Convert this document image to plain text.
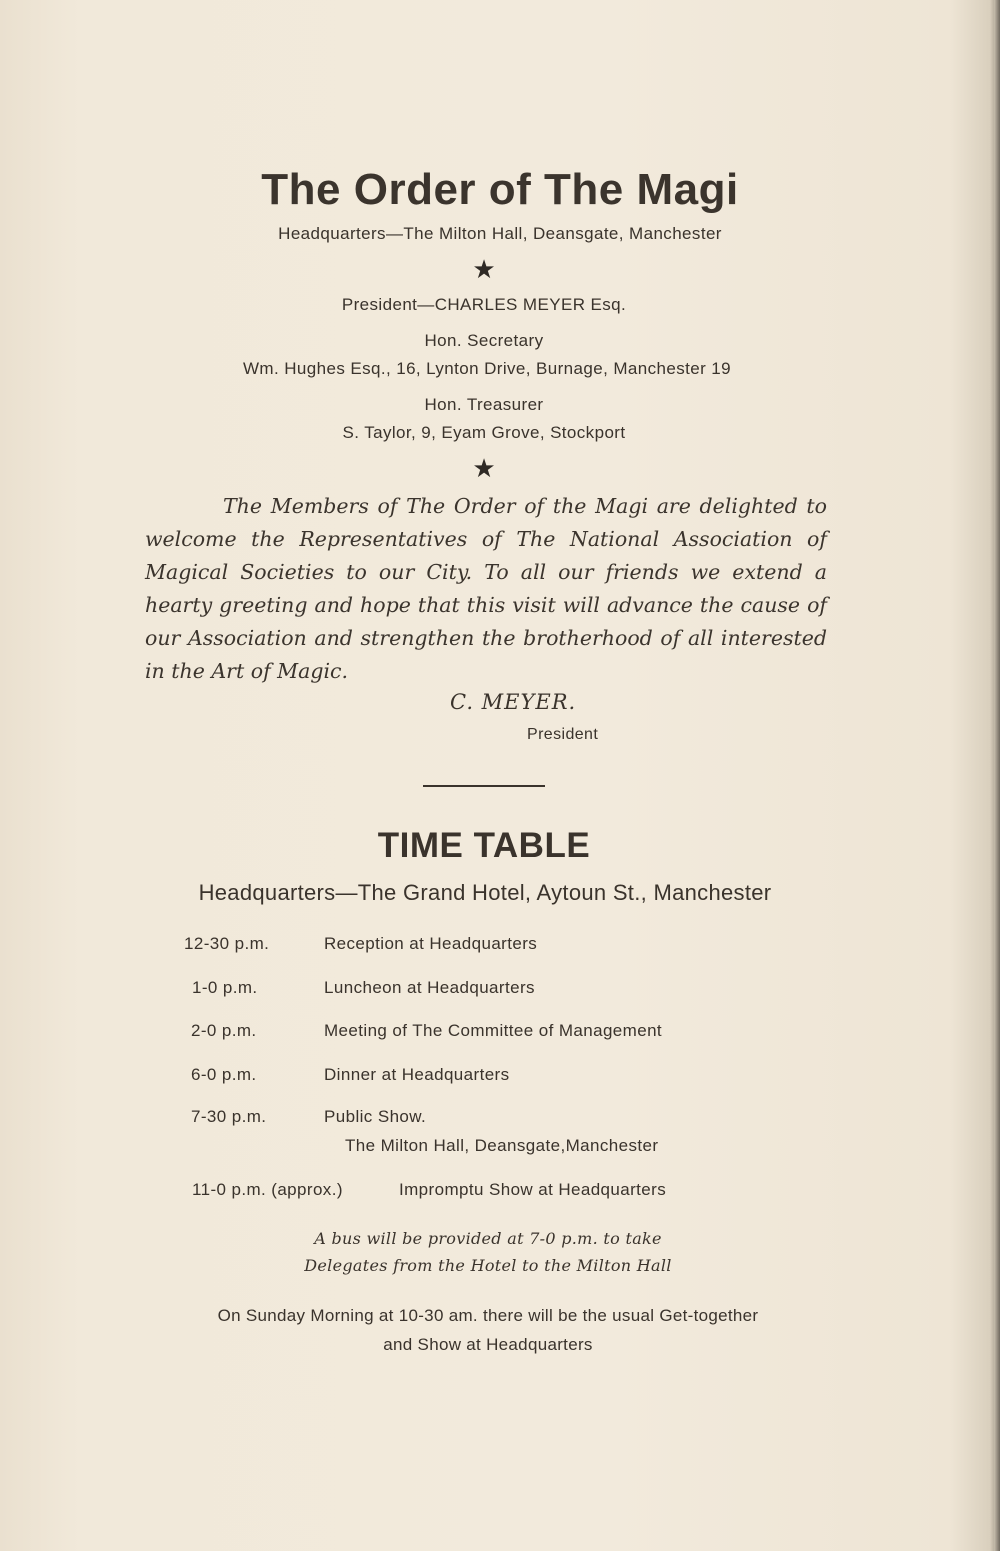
The Order of The Magi
Headquarters—The Milton Hall, Deansgate, Manchester
★
President—CHARLES MEYER Esq.
Hon. Secretary
Wm. Hughes Esq., 16, Lynton Drive, Burnage, Manchester 19
Hon. Treasurer
S. Taylor, 9, Eyam Grove, Stockport
★
The Members of The Order of the Magi are delighted to welcome the Representatives of The National Association of Magical Societies to our City. To all our friends we extend a hearty greeting and hope that this visit will advance the cause of our Association and strengthen the brotherhood of all interested in the Art of Magic.
C. MEYER.
President
TIME TABLE
Headquarters—The Grand Hotel, Aytoun St., Manchester
12-30 p.m.	Reception at Headquarters
1-0 p.m.	Luncheon at Headquarters
2-0 p.m.	Meeting of The Committee of Management
6-0 p.m.	Dinner at Headquarters
7-30 p.m.	Public Show.
The Milton Hall, Deansgate,Manchester
11-0 p.m. (approx.)	Impromptu Show at Headquarters
A bus will be provided at 7-0 p.m. to take
Delegates from the Hotel to the Milton Hall
On Sunday Morning at 10-30 am. there will be the usual Get-together
and Show at Headquarters
